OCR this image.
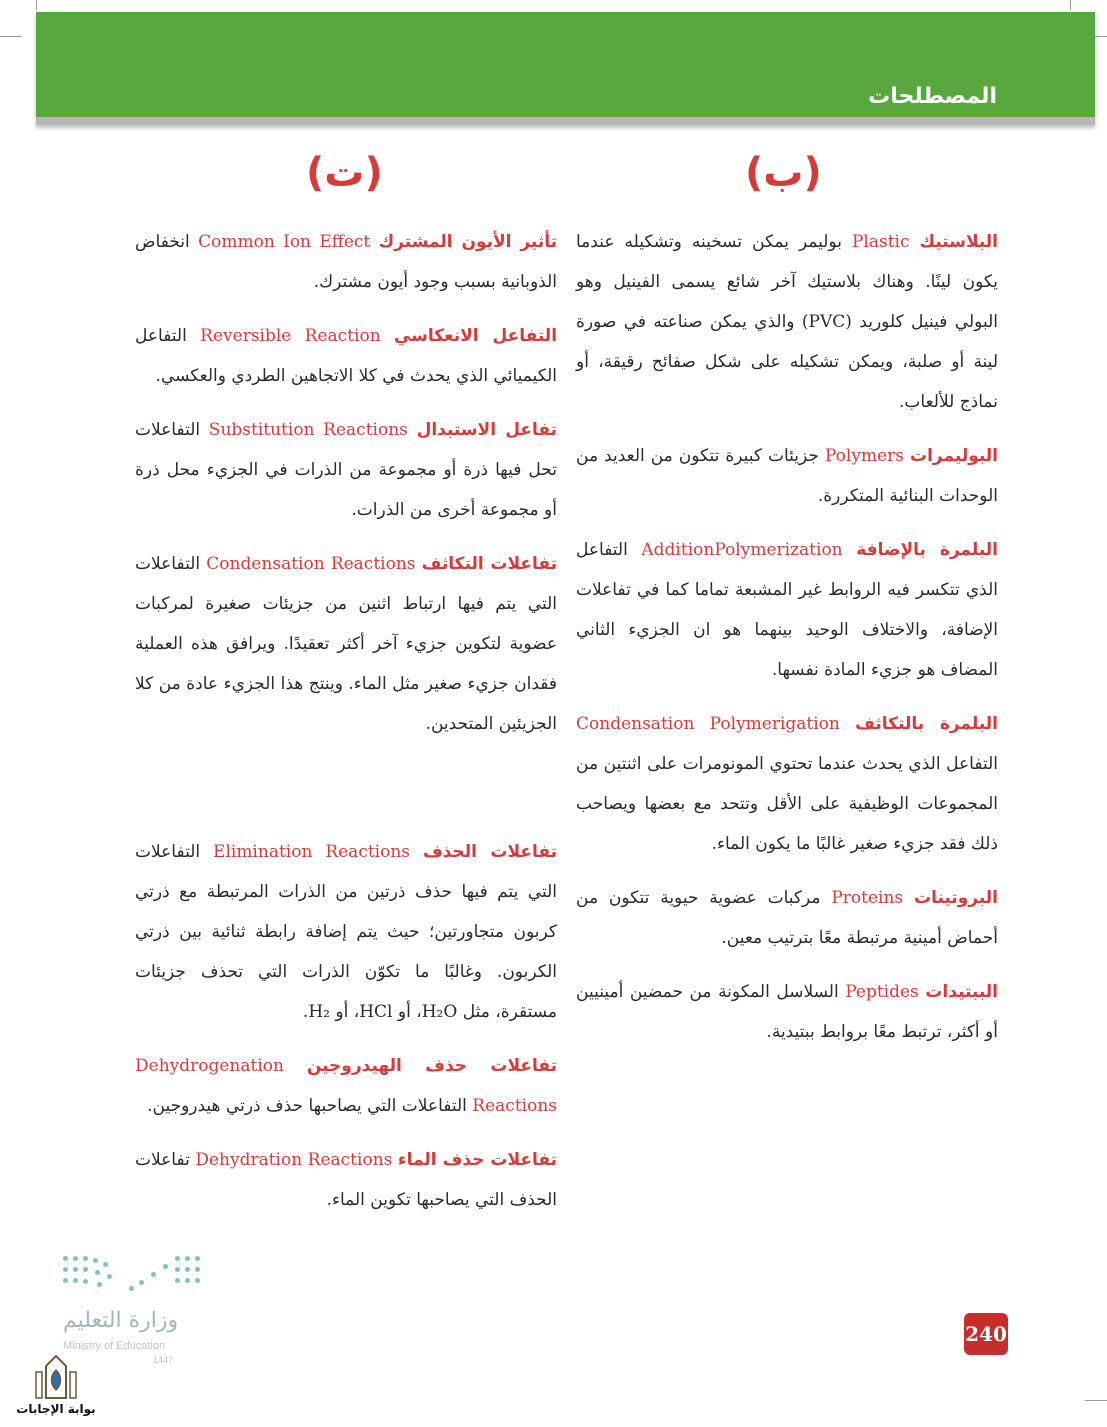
المصطلحات
(ب)
(ت)

البلاستيك Plastic بوليمر يمكن تسخينه وتشكيله عندما يكون لينًا. وهناك بلاستيك آخر شائع يسمى الفينيل وهو البولي فينيل كلوريد (PVC) والذي يمكن صناعته في صورة لينة أو صلبة، ويمكن تشكيله على شكل صفائح رقيقة، أو نماذج للألعاب.

البوليمرات Polymers جزيئات كبيرة تتكون من العديد من الوحدات البنائية المتكررة.

البلمرة بالإضافة AdditionPolymerization التفاعل الذي تتكسر فيه الروابط غير المشبعة تماما كما في تفاعلات الإضافة، والاختلاف الوحيد بينهما هو ان الجزيء الثاني المضاف هو جزيء المادة نفسها.

البلمرة بالتكاثف Condensation Polymerigation التفاعل الذي يحدث عندما تحتوي المونومرات على اثنتين من المجموعات الوظيفية على الأقل وتتحد مع بعضها ويصاحب ذلك فقد جزيء صغير غالبًا ما يكون الماء.

البروتينات Proteins مركبات عضوية حيوية تتكون من أحماض أمينية مرتبطة معًا بترتيب معين.

الببتيدات Peptides السلاسل المكونة من حمضين أمينيين أو أكثر، ترتبط معًا بروابط ببتيدية.

تأثير الأيون المشترك Common Ion Effect انخفاض الذوبانية بسبب وجود أيون مشترك.

التفاعل الانعكاسي Reversible Reaction التفاعل الكيميائي الذي يحدث في كلا الاتجاهين الطردي والعكسي.

تفاعل الاستبدال Substitution Reactions التفاعلات تحل فيها ذرة أو مجموعة من الذرات في الجزيء محل ذرة أو مجموعة أخرى من الذرات.

تفاعلات التكاثف Condensation Reactions التفاعلات التي يتم فيها ارتباط اثنين من جزيئات صغيرة لمركبات عضوية لتكوين جزيء آخر أكثر تعقيدًا. ويرافق هذه العملية فقدان جزيء صغير مثل الماء. وينتج هذا الجزيء عادة من كلا الجزيئين المتحدين.

تفاعلات الحذف Elimination Reactions التفاعلات التي يتم فيها حذف ذرتين من الذرات المرتبطة مع ذرتي كربون متجاورتين؛ حيث يتم إضافة رابطة ثنائية بين ذرتي الكربون. وغالبًا ما تكوّن الذرات التي تحذف جزيئات مستقرة، مثل H₂O، أو HCl، أو H₂.

تفاعلات حذف الهيدروجين Dehydrogenation Reactions التفاعلات التي يصاحبها حذف ذرتي هيدروجين.

تفاعلات حذف الماء Dehydration Reactions تفاعلات الحذف التي يصاحبها تكوين الماء.

وزارة التعليم
Ministry of Education
1447
240
بوابة الإجابات
